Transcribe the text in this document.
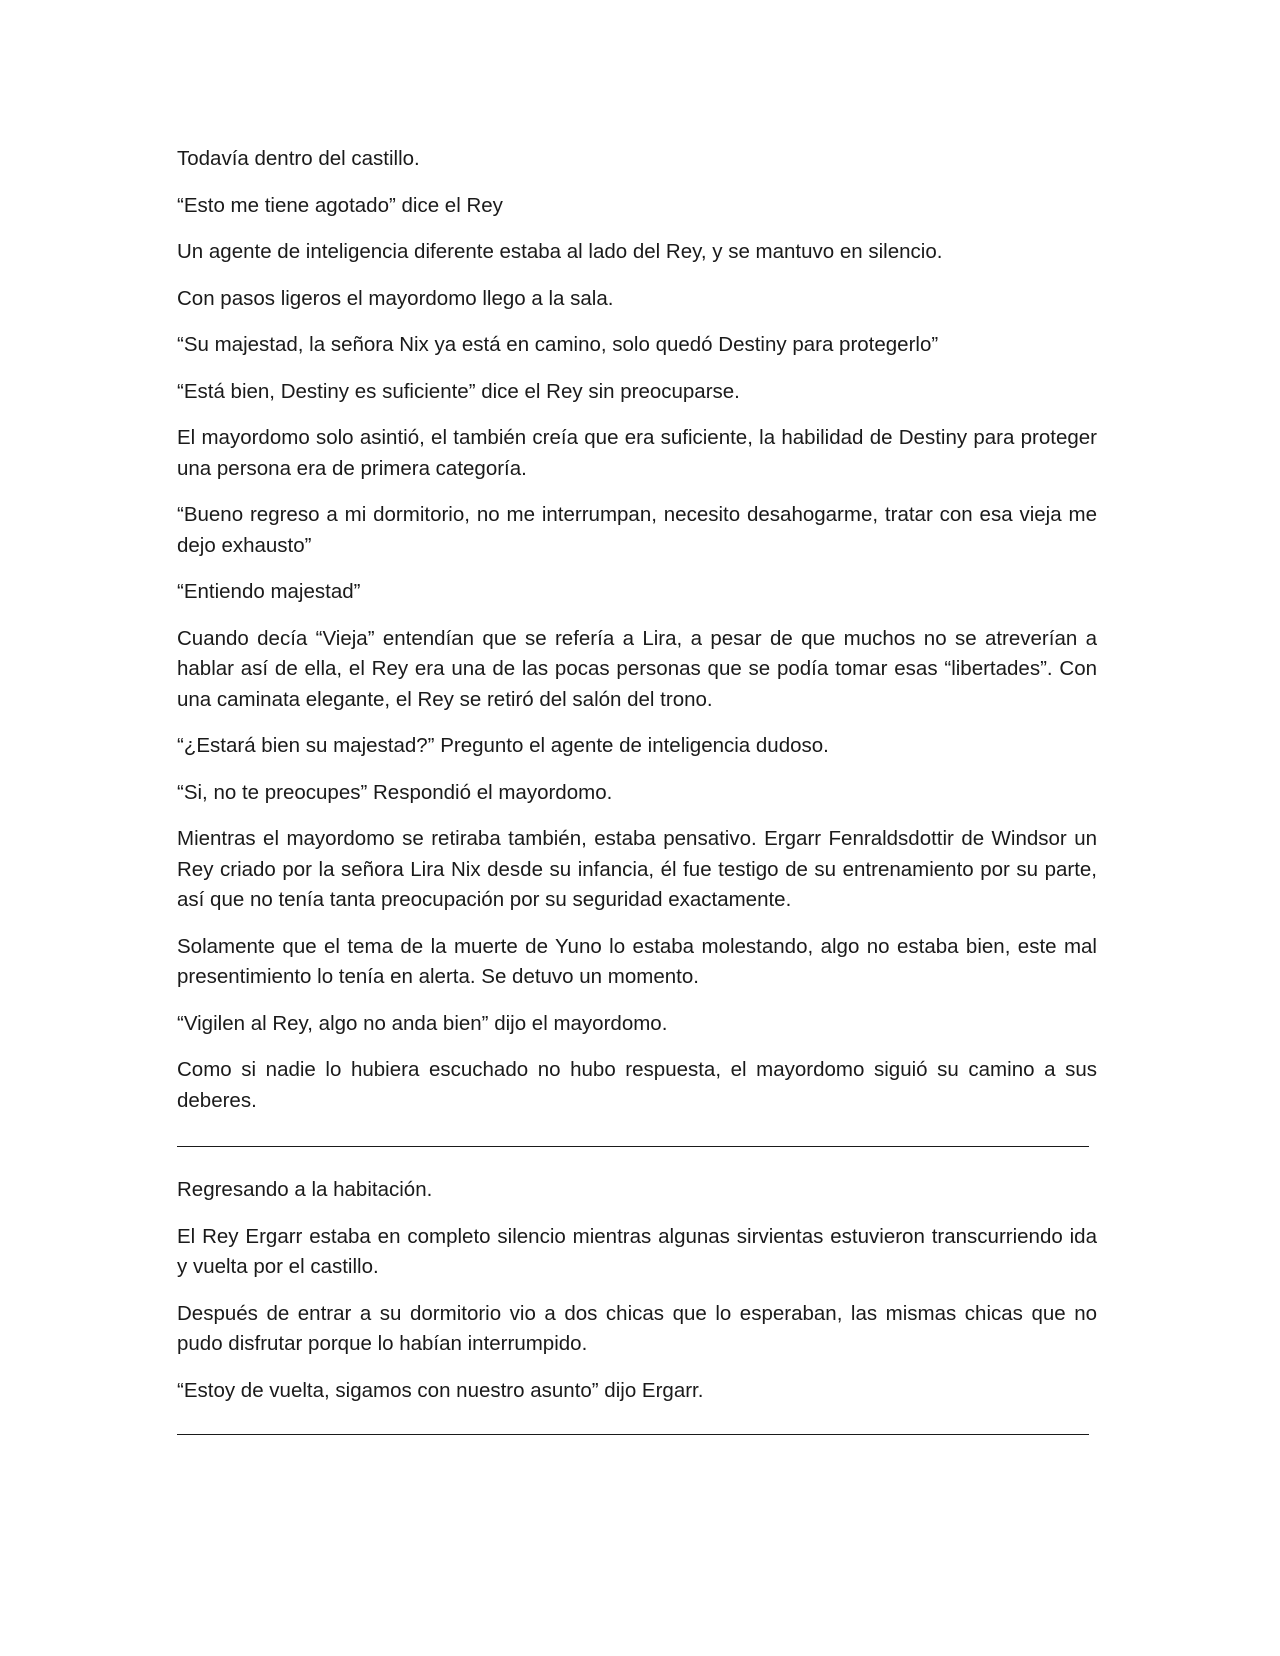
Todavía dentro del castillo.

“Esto me tiene agotado” dice el Rey

Un agente de inteligencia diferente estaba al lado del Rey, y se mantuvo en silencio.

Con pasos ligeros el mayordomo llego a la sala.

“Su majestad, la señora Nix ya está en camino, solo quedó Destiny para protegerlo”

“Está bien, Destiny es suficiente” dice el Rey sin preocuparse.

El mayordomo solo asintió, el también creía que era suficiente, la habilidad de Destiny para proteger una persona era de primera categoría.

“Bueno regreso a mi dormitorio, no me interrumpan, necesito desahogarme, tratar con esa vieja me dejo exhausto”

“Entiendo majestad”

Cuando decía “Vieja” entendían que se refería a Lira, a pesar de que muchos no se atreverían a hablar así de ella, el Rey era una de las pocas personas que se podía tomar esas “libertades”. Con una caminata elegante, el Rey se retiró del salón del trono.

“¿Estará bien su majestad?” Pregunto el agente de inteligencia dudoso.

“Si, no te preocupes” Respondió el mayordomo.

Mientras el mayordomo se retiraba también, estaba pensativo. Ergarr Fenraldsdottir de Windsor un Rey criado por la señora Lira Nix desde su infancia, él fue testigo de su entrenamiento por su parte, así que no tenía tanta preocupación por su seguridad exactamente.

Solamente que el tema de la muerte de Yuno lo estaba molestando, algo no estaba bien, este mal presentimiento lo tenía en alerta. Se detuvo un momento.

“Vigilen al Rey, algo no anda bien” dijo el mayordomo.

Como si nadie lo hubiera escuchado no hubo respuesta, el mayordomo siguió su camino a sus deberes.

Regresando a la habitación.

El Rey Ergarr estaba en completo silencio mientras algunas sirvientas estuvieron transcurriendo ida y vuelta por el castillo.

Después de entrar a su dormitorio vio a dos chicas que lo esperaban, las mismas chicas que no pudo disfrutar porque lo habían interrumpido.

“Estoy de vuelta, sigamos con nuestro asunto” dijo Ergarr.
